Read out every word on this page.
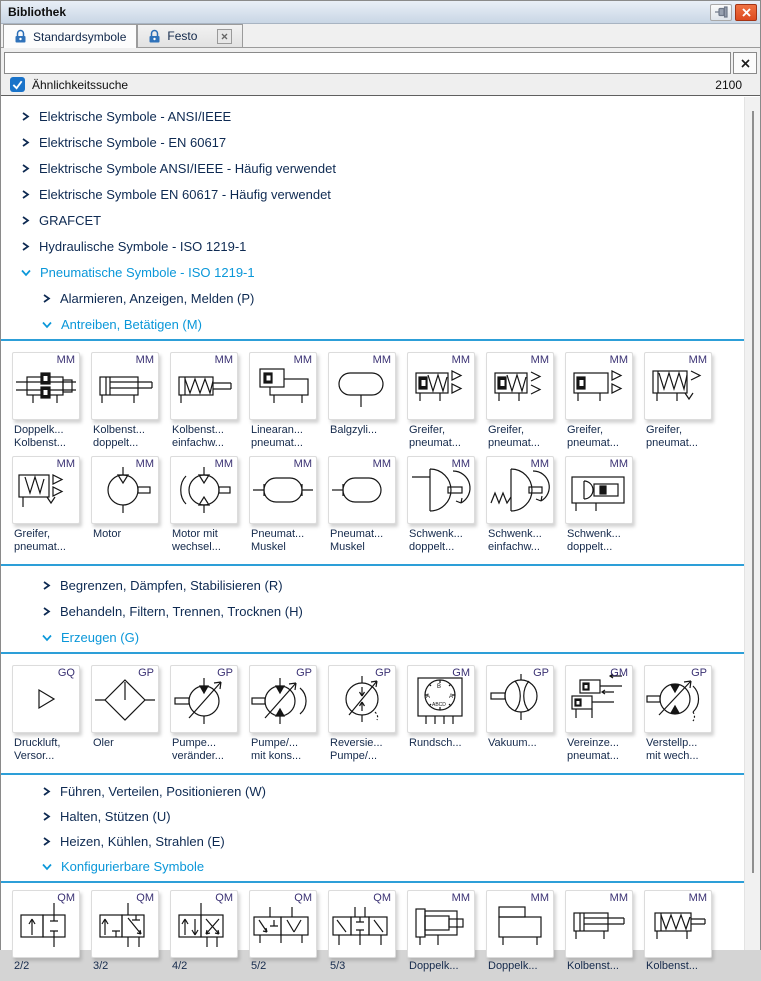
Bibliothek
Standardsymbole	Festo
Ähnlichkeitssuche	2100
Elektrische Symbole - ANSI/IEEE
Elektrische Symbole - EN 60617
Elektrische Symbole ANSI/IEEE - Häufig verwendet
Elektrische Symbole EN 60617 - Häufig verwendet
GRAFCET
Hydraulische Symbole - ISO 1219-1
Pneumatische Symbole - ISO 1219-1
Alarmieren, Anzeigen, Melden (P)
Antreiben, Betätigen (M)
MM
Doppelk...
Kolbenst...
MM
Kolbenst...
doppelt...
MM
Kolbenst...
einfachw...
MM
Linearan...
pneumat...
MM
Balgzyli...
MM
Greifer,
pneumat...
MM
Greifer,
pneumat...
MM
Greifer,
pneumat...
MM
Greifer,
pneumat...
MM
Greifer,
pneumat...
MM
Motor
MM
Motor mit
wechsel...
MM
Pneumat...
Muskel
MM
Pneumat...
Muskel
MM
Schwenk...
doppelt...
MM
Schwenk...
einfachw...
MM
Schwenk...
doppelt...
Begrenzen, Dämpfen, Stabilisieren (R)
Behandeln, Filtern, Trennen, Trocknen (H)
Erzeugen (G)
GQ
Druckluft,
Versor...
GP
Oler
GP
Pumpe...
veränder...
GP
Pumpe/...
mit kons...
GP
Reversie...
Pumpe/...
GM
A
B
A
ABCD
Rundsch...
GP
Vakuum...
GM
Vereinze...
pneumat...
GP
Verstellp...
mit wech...
Führen, Verteilen, Positionieren (W)
Halten, Stützen (U)
Heizen, Kühlen, Strahlen (E)
Konfigurierbare Symbole
QM
2/2
QM
3/2
QM
4/2
QM
5/2
QM
5/3
MM
Doppelk...
MM
Doppelk...
MM
Kolbenst...
MM
Kolbenst...
